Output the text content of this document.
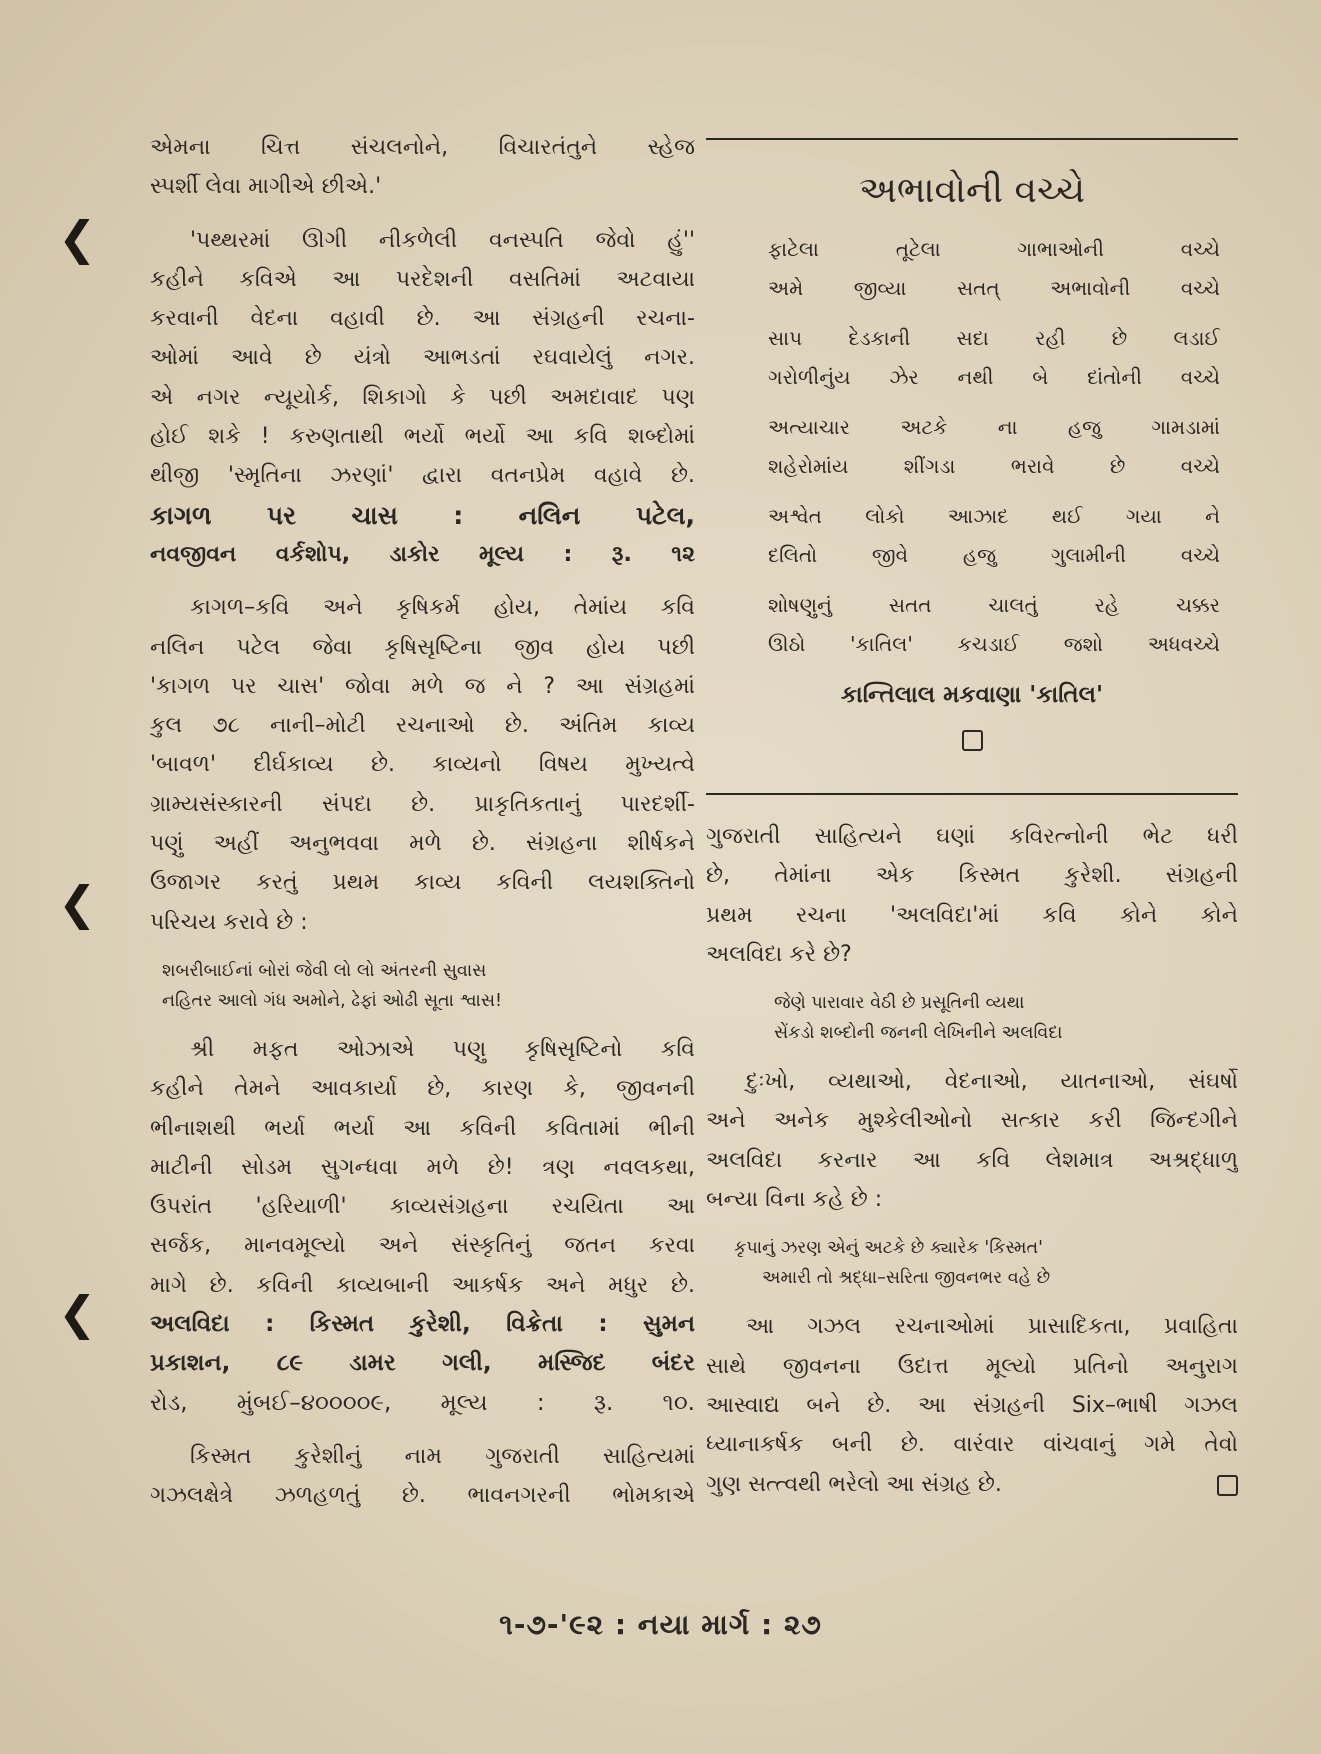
❮
❮
❮

એમના ચિત્ત સંચલનોને, વિચારતંતુને સ્હેજ
સ્પર્શી લેવા માગીએ છીએ.'

'પથ્થરમાં ઊગી નીકળેલી વનસ્પતિ જેવો હું''
કહીને કવિએ આ પરદેશની વસતિમાં અટવાયા
કરવાની વેદના વહાવી છે. આ સંગ્રહની રચના-
ઓમાં આવે છે યંત્રો આભડતાં રઘવાયેલું નગર.
એ નગર ન્યૂયોર્ક, શિકાગો કે પછી અમદાવાદ પણ
હોઈ શકે ! કરુણતાથી ભર્યો ભર્યો આ કવિ શબ્દોમાં
થીજી 'સ્મૃતિના ઝરણાં' દ્વારા વતનપ્રેમ વહાવે છે.

કાગળ પર ચાસ : નલિન પટેલ,
નવજીવન વર્કશોપ, ડાકોર મૂલ્ય : રૂ. ૧૨

કાગળ–કવિ અને કૃષિકર્મ હોય, તેમાંય કવિ
નલિન પટેલ જેવા કૃષિસૃષ્ટિના જીવ હોય પછી
'કાગળ પર ચાસ' જોવા મળે જ ને ? આ સંગ્રહમાં
કુલ ૭૮ નાની–મોટી રચનાઓ છે. અંતિમ કાવ્ય
'બાવળ' દીર્ઘકાવ્ય છે. કાવ્યનો વિષય મુખ્યત્વે
ગ્રામ્યસંસ્કારની સંપદા છે. પ્રાકૃતિકતાનું પારદર્શી-
પણું અહીં અનુભવવા મળે છે. સંગ્રહના શીર્ષકને
ઉજાગર કરતું પ્રથમ કાવ્ય કવિની લયશક્તિનો
પરિચય કરાવે છે :

શબરીબાઈનાં બોરાં જેવી લો લો અંતરની સુવાસ
નહિતર આલો ગંધ અમોને, ઢેફાં ઓઢી સૂતા શ્વાસ!

શ્રી મફત ઓઝાએ પણુ કૃષિસૃષ્ટિનો કવિ
કહીને તેમને આવકાર્યા છે, કારણ કે, જીવનની
ભીનાશથી ભર્યા ભર્યા આ કવિની કવિતામાં ભીની
માટીની સોડમ સુગન્ધવા મળે છે! ત્રણ નવલકથા,
ઉપરાંત 'હરિયાળી' કાવ્યસંગ્રહના રચયિતા આ
સર્જક, માનવમૂલ્યો અને સંસ્કૃતિનું જતન કરવા
માગે છે. કવિની કાવ્યબાની આકર્ષક અને મધુર છે.

અલવિદા : કિસ્મત કુરેશી, વિક્રેતા : સુમન
પ્રકાશન, ૮૯ ડામર ગલી, મસ્જિદ બંદર
રોડ, મુંબઈ–૪૦૦૦૦૯, મૂલ્ય : રૂ. ૧૦.

કિસ્મત કુરેશીનું નામ ગુજરાતી સાહિત્યમાં
ગઝલક્ષેત્રે ઝળહળતું છે. ભાવનગરની ભોમકાએ

અભાવોની વચ્ચે
ફાટેલા તૂટેલા ગાભાઓની વચ્ચે
અમે જીવ્યા સતત્ અભાવોની વચ્ચે
સાપ દેડકાની સદા રહી છે લડાઈ
ગરોળીનુંય ઝેર નથી બે દાંતોની વચ્ચે
અત્યાચાર અટકે ના હજુ ગામડામાં
શહેરોમાંય શીંગડા ભરાવે છે વચ્ચે
અશ્વેત લોકો આઝાદ થઈ ગયા ને
દલિતો જીવે હજુ ગુલામીની વચ્ચે
શોષણુનું સતત ચાલતું રહે ચક્કર
ઊઠો 'કાતિલ' કચડાઈ જશો અધવચ્ચે
કાન્તિલાલ મકવાણા 'કાતિલ'

ગુજરાતી સાહિત્યને ઘણાં કવિરત્નોની ભેટ ધરી
છે, તેમાંના એક કિસ્મત કુરેશી. સંગ્રહની
પ્રથમ રચના 'અલવિદા'માં કવિ કોને કોને
અલવિદા કરે છે?

જેણે પારાવાર વેઠી છે પ્રસૂતિની વ્યથા
સેંકડો શબ્દોની જનની લેખિનીને અલવિદા

દુઃખો, વ્યથાઓ, વેદનાઓ, યાતનાઓ, સંઘર્ષો
અને અનેક મુશ્કેલીઓનો સત્કાર કરી જિન્દગીને
અલવિદા કરનાર આ કવિ લેશમાત્ર અશ્રદ્ધાળુ
બન્યા વિના કહે છે :

કૃપાનું ઝરણ એનું અટકે છે ક્યારેક 'કિસ્મત'
અમારી તો શ્રદ્ધા–સરિતા જીવનભર વહે છે

આ ગઝલ રચનાઓમાં પ્રાસાદિકતા, પ્રવાહિતા
સાથે જીવનના ઉદાત્ત મૂલ્યો પ્રતિનો અનુરાગ
આસ્વાદ્ય બને છે. આ સંગ્રહની Six–ભાષી ગઝલ
ધ્યાનાકર્ષક બની છે. વારંવાર વાંચવાનું ગમે તેવો
ગુણ સત્ત્વથી ભરેલો આ સંગ્રહ છે.

૧-૭-'૯૨ : નયા માર્ગ : ૨૭
